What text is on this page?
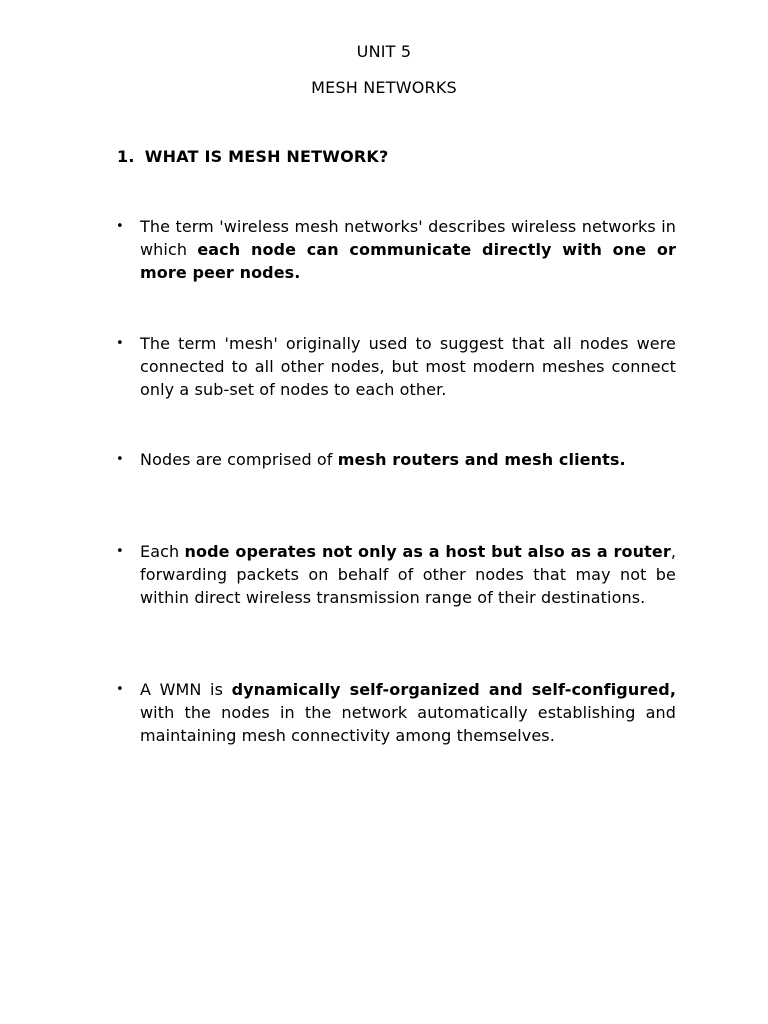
UNIT 5

MESH NETWORKS

1. WHAT IS MESH NETWORK?

• The term 'wireless mesh networks' describes wireless networks in which each node can communicate directly with one or more peer nodes.

• The term 'mesh' originally used to suggest that all nodes were connected to all other nodes, but most modern meshes connect only a sub-set of nodes to each other.

• Nodes are comprised of mesh routers and mesh clients.

• Each node operates not only as a host but also as a router, forwarding packets on behalf of other nodes that may not be within direct wireless transmission range of their destinations.

• A WMN is dynamically self-organized and self-configured, with the nodes in the network automatically establishing and maintaining mesh connectivity among themselves.
